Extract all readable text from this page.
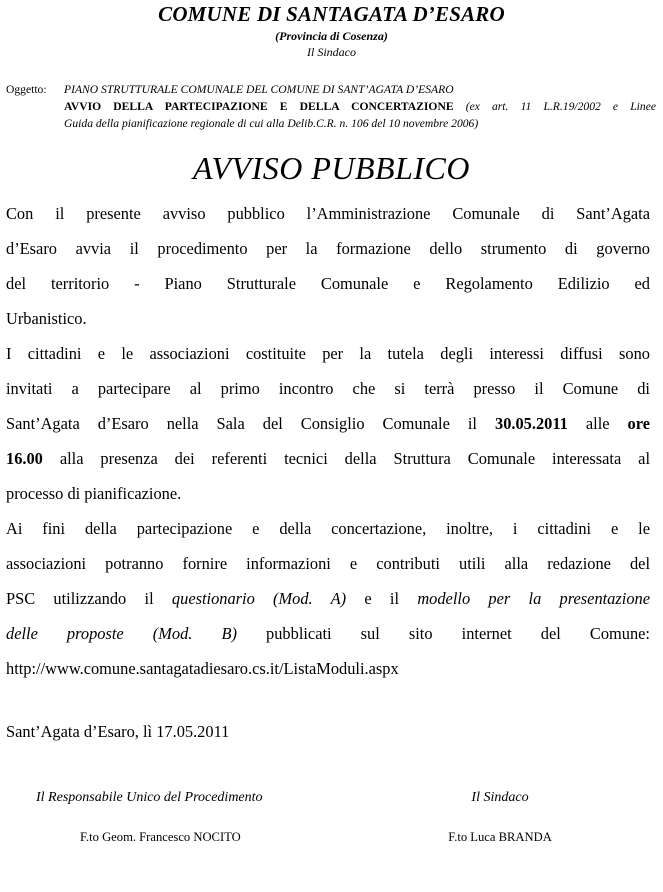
COMUNE DI SANTAGATA D’ESARO
(Provincia di Cosenza)
Il Sindaco
Oggetto: PIANO STRUTTURALE COMUNALE DEL COMUNE DI SANT’AGATA D’ESARO
AVVIO DELLA PARTECIPAZIONE E DELLA CONCERTAZIONE (ex art. 11 L.R.19/2002 e Linee
Guida della pianificazione regionale di cui alla Delib.C.R. n. 106 del 10 novembre 2006)
AVVISO PUBBLICO
Con il presente avviso pubblico l’Amministrazione Comunale di Sant’Agata
d’Esaro avvia il procedimento per la formazione dello strumento di governo
del territorio - Piano Strutturale Comunale e Regolamento Edilizio ed
Urbanistico.
I cittadini e le associazioni costituite per la tutela degli interessi diffusi sono
invitati a partecipare al primo incontro che si terrà presso il Comune di
Sant’Agata d’Esaro nella Sala del Consiglio Comunale il 30.05.2011 alle ore
16.00 alla presenza dei referenti tecnici della Struttura Comunale interessata al
processo di pianificazione.
Ai fini della partecipazione e della concertazione, inoltre, i cittadini e le
associazioni potranno fornire informazioni e contributi utili alla redazione del
PSC utilizzando il questionario (Mod. A) e il modello per la presentazione
delle proposte (Mod. B) pubblicati sul sito internet del Comune:
http://www.comune.santagatadiesaro.cs.it/ListaModuli.aspx
Sant’Agata d’Esaro, lì 17.05.2011
Il Responsabile Unico del Procedimento	Il Sindaco
F.to Geom. Francesco NOCITO	F.to Luca BRANDA
